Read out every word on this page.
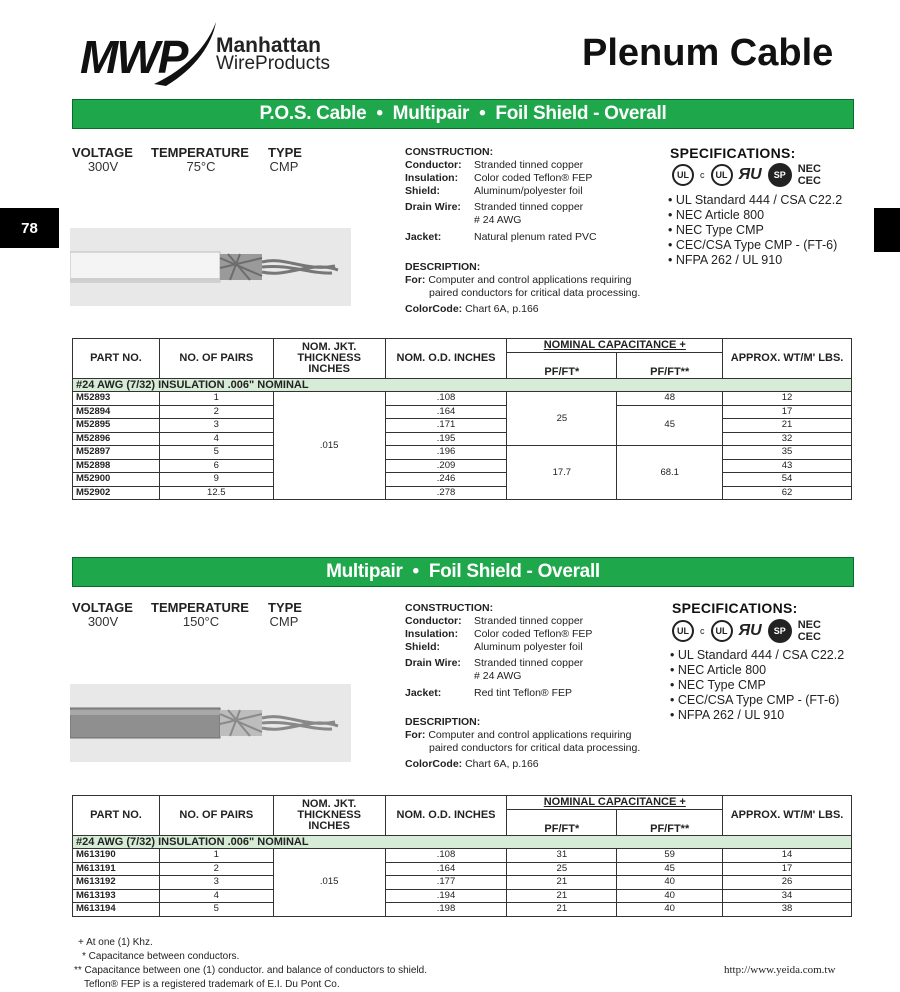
MWP Manhattan
WireProducts	Plenum Cable
78
P.O.S. Cable  •  Multipair  •  Foil Shield - Overall
VOLTAGE
300V
TEMPERATURE
75°C
TYPE
CMP
CONSTRUCTION:
Conductor:	Stranded tinned copper
Insulation:	Color coded Teflon® FEP
Shield:	Aluminum/polyester foil
Drain Wire:	Stranded tinned copper
# 24 AWG
Jacket:	Natural plenum rated PVC
DESCRIPTION:
For: Computer and control applications requiring
paired conductors for critical data processing.
ColorCode: Chart 6A, p.166
SPECIFICATIONS:
UL c UL ЯU SP NEC
CEC
• UL Standard 444 / CSA C22.2
• NEC Article 800
• NEC Type CMP
• CEC/CSA Type CMP - (FT-6)
• NFPA 262 / UL 910
PART NO.	NO. OF PAIRS	NOM. JKT. THICKNESS INCHES	NOM. O.D. INCHES	NOMINAL CAPACITANCE +		APPROX. WT/M' LBS.
				PF/FT*	PF/FT**	
#24 AWG (7/32) INSULATION .006" NOMINAL						
M52893	1	.015	.108	25	48	12
M52894	2		.164		45	17
M52895	3		.171			21
M52896	4		.195			32
M52897	5		.196	17.7	68.1	35
M52898	6		.209			43
M52900	9		.246			54
M52902	12.5		.278			62
Multipair  •  Foil Shield - Overall
VOLTAGE
300V
TEMPERATURE
150°C
TYPE
CMP
CONSTRUCTION:
Conductor:	Stranded tinned copper
Insulation:	Color coded Teflon® FEP
Shield:	Aluminum polyester foil
Drain Wire:	Stranded tinned copper
# 24 AWG
Jacket:	Red tint Teflon® FEP
DESCRIPTION:
For: Computer and control applications requiring
paired conductors for critical data processing.
ColorCode: Chart 6A, p.166
SPECIFICATIONS:
UL c UL ЯU SP NEC
CEC
• UL Standard 444 / CSA C22.2
• NEC Article 800
• NEC Type CMP
• CEC/CSA Type CMP - (FT-6)
• NFPA 262 / UL 910
PART NO.	NO. OF PAIRS	NOM. JKT. THICKNESS INCHES	NOM. O.D. INCHES	NOMINAL CAPACITANCE +		APPROX. WT/M' LBS.
				PF/FT*	PF/FT**	
#24 AWG (7/32) INSULATION .006" NOMINAL						
M613190	1	.015	.108	31	59	14
M613191	2		.164	25	45	17
M613192	3		.177	21	40	26
M613193	4		.194	21	40	34
M613194	5		.198	21	40	38
+ At one (1) Khz.
* Capacitance between conductors.
** Capacitance between one (1) conductor. and balance of conductors to shield.
Teflon® FEP is a registered trademark of E.I. Du Pont Co.
http://www.yeida.com.tw
